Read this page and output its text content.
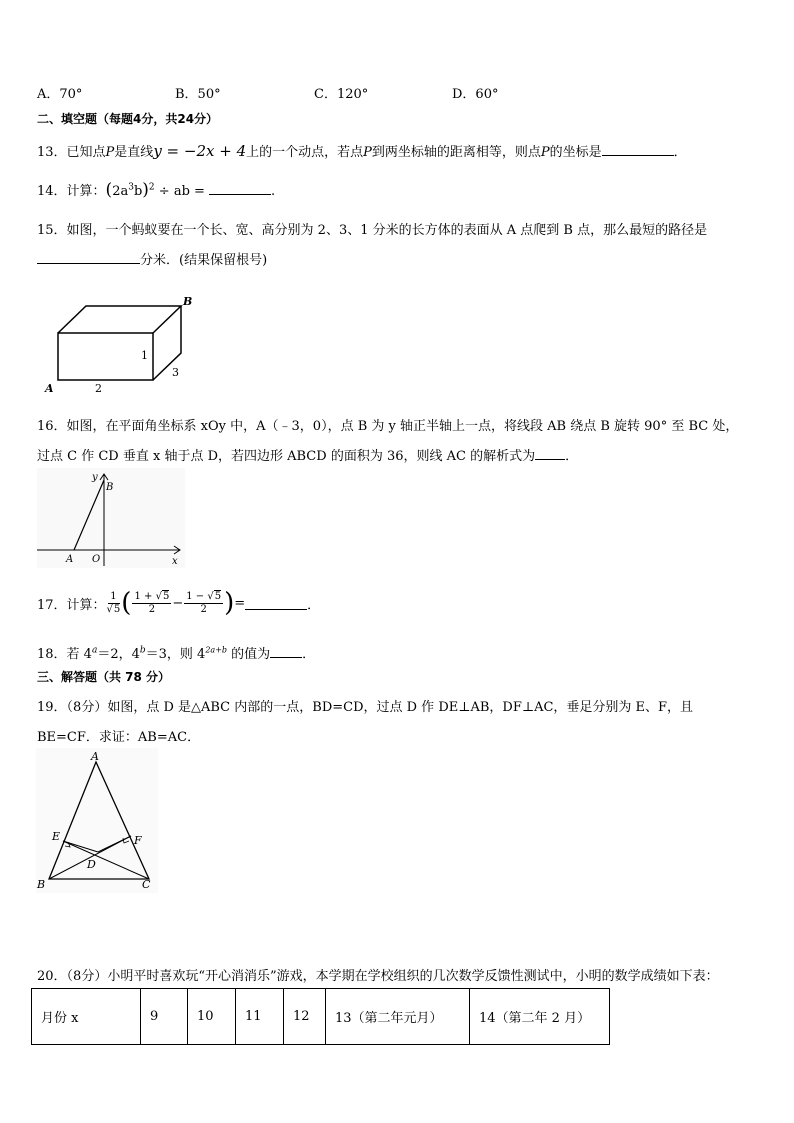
A．70°	B．50°	C．120°	D．60°
二、填空题（每题4分，共24分）
13．已知点P是直线y = −2x + 4上的一个动点，若点P到两坐标轴的距离相等，则点P的坐标是	．
14．计算：$(2a^3b)^2$ ÷ ab =	.
15．如图，一个蚂蚁要在一个长、宽、高分别为 2、3、1 分米的长方体的表面从 A 点爬到 B 点，那么最短的路径是
分米．(结果保留根号)
A
B
2
1
3
16．如图，在平面角坐标系 xOy 中，A（﹣3，0），点 B 为 y 轴正半轴上一点，将线段 AB 绕点 B 旋转 90° 至 BC 处，
过点 C 作 CD 垂直 x 轴于点 D，若四边形 ABCD 的面积为 36，则线 AC 的解析式为 ．
y
B
A O	x
17．计算： $\frac{1}{√5}$ ( $\frac{1 + √5}{2} - \frac{1 - √5}{2}$ ) =	．
18．若 $4^a=2$，$4^b=3$，则 $4^{2a+b}$ 的值为 ．
三、解答题（共 78 分）
19．（8分）如图，点 D 是△ABC 内部的一点，BD=CD，过点 D 作 DE⊥AB，DF⊥AC，垂足分别为 E、F，且
BE=CF．求证：AB=AC．
A
E	F
D
B	C
20．（8分）小明平时喜欢玩“开心消消乐”游戏，本学期在学校组织的几次数学反馈性测试中，小明的数学成绩如下表：
月份 x	9	10	11	12	13（第二年元月）	14（第二年 2 月）
